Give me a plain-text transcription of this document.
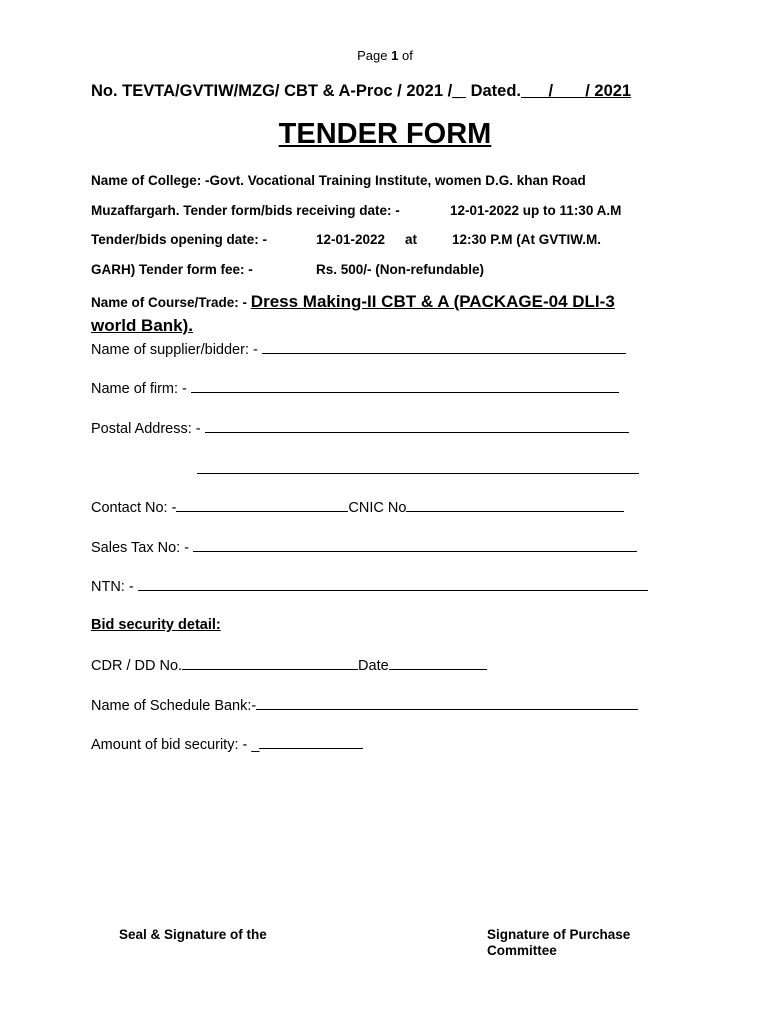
Page 1 of
No. TEVTA/GVTIW/MZG/ CBT & A-Proc / 2021 /_ Dated. / / 2021
TENDER FORM
Name of College: -Govt. Vocational Training Institute, women D.G. khan Road
Muzaffargarh. Tender form/bids receiving date: -	12-01-2022 up to 11:30 A.M
Tender/bids opening date: -	12-01-2022 at	12:30 P.M (At GVTIW.M.
GARH) Tender form fee: -	Rs. 500/- (Non-refundable)
Name of Course/Trade: - Dress Making-II CBT & A (PACKAGE-04 DLI-3
world Bank).
Name of supplier/bidder: -
Name of firm: -
Postal Address: -
Contact No: -	CNIC No
Sales Tax No: -
NTN: -
Bid security detail:
CDR / DD No.	Date
Name of Schedule Bank:-
Amount of bid security: - _
Seal & Signature of the	Signature of Purchase
Committee
